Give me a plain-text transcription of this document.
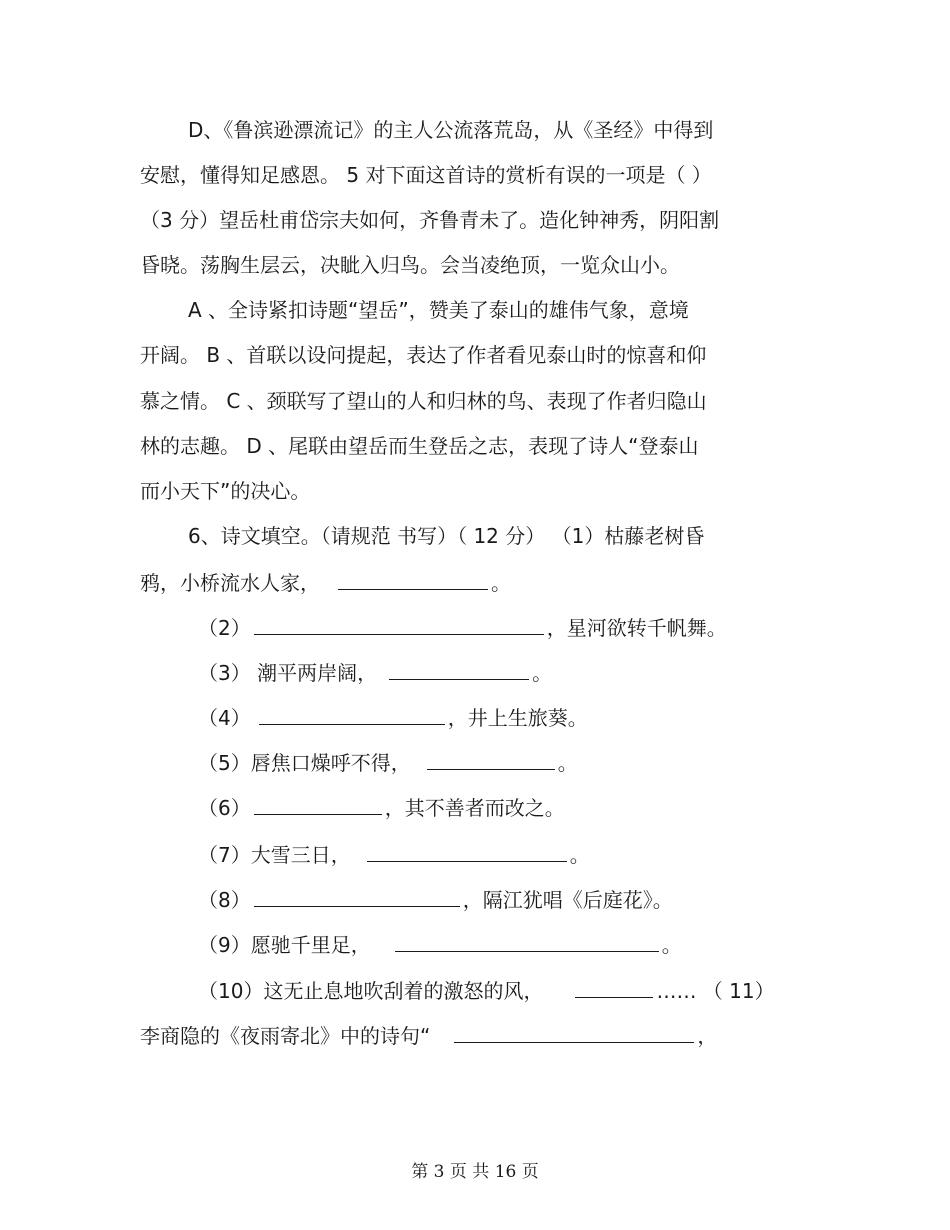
D、《鲁滨逊漂流记》的主人公流落荒岛，从《圣经》中得到
安慰，懂得知足感恩。 5 对下面这首诗的赏析有误的一项是（ ）
（3 分）望岳杜甫岱宗夫如何，齐鲁青未了。造化钟神秀，阴阳割
昏晓。荡胸生层云，决眦入归鸟。会当凌绝顶，一览众山小。
A 、全诗紧扣诗题“望岳”，赞美了泰山的雄伟气象，意境
开阔。 B 、首联以设问提起，表达了作者看见泰山时的惊喜和仰
慕之情。 C 、颈联写了望山的人和归林的鸟、表现了作者归隐山
林的志趣。 D 、尾联由望岳而生登岳之志，表现了诗人“登泰山
而小天下”的决心。
6、诗文填空。（请规范 书写）（ 12 分） （1）枯藤老树昏
鸦，小桥流水人家，	。
（2）	，星河欲转千帆舞。
（3） 潮平两岸阔，	。
（4）	，井上生旅葵。
（5）唇焦口燥呼不得，	。
（6）	，其不善者而改之。
（7）大雪三日，	。
（8）	，隔江犹唱《后庭花》。
（9）愿驰千里足，	。
（10）这无止息地吹刮着的激怒的风，	…… （ 11）
李商隐的《夜雨寄北》中的诗句“	，
第 3 页 共 16 页
